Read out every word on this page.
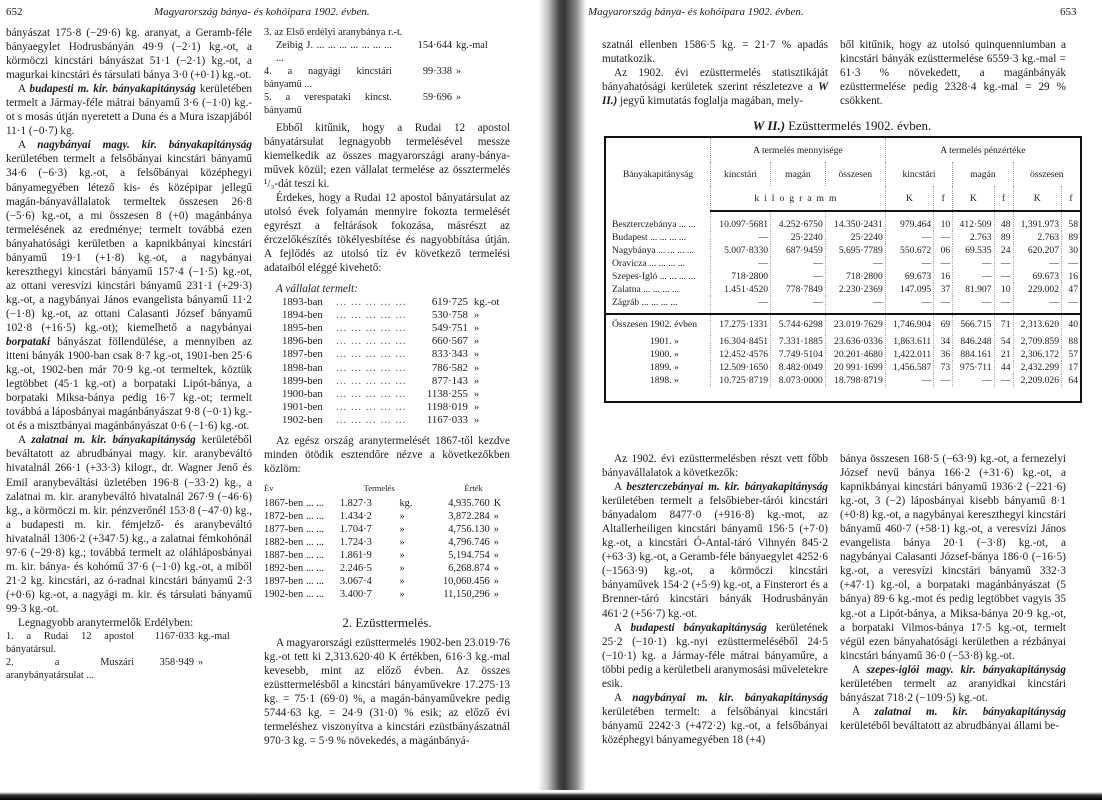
652	Magyarország bánya- és kohóipara 1902. évben.

bányászat 175·8 (−29·6) kg. aranyat, a Geramb-féle bányaegylet Hodrusbányán 49·9 (−2·1) kg.-ot, a körmöczi kincstári bányászat 51·1 (−2·1) kg.-ot, a magurkai kincstári és társulati bánya 3·0 (+0·1) kg.-ot.

A budapesti m. kir. bányakapitányság kerületében termelt a Jármay-féle mátrai bányamű 3·6 (−1·0) kg.-ot s mosás útján nyeretett a Duna és a Mura iszapjából 11·1 (−0·7) kg.

A nagybányai magy. kir. bányakapitányság kerületében termelt a felsőbányai kincstári bányamű 34·6 (−6·3) kg.-ot, a felsőbányai középhegyi bányamegyében létező kis- és középipar jellegű magán-bányavállalatok termeltek összesen 26·8 (−5·6) kg.-ot, a mi összesen 8 (+0) magánbánya termelésének az eredménye; termelt továbbá ezen bányahatósági kerületben a kapnikbányai kincstári bányamű 19·1 (+1·8) kg.-ot, a nagybányai kereszthegyi kincstári bányamű 157·4 (−1·5) kg.-ot, az ottani veresvízi kincstári bányamű 231·1 (+29·3) kg.-ot, a nagybányai János evangelista bányamű 11·2 (−1·8) kg.-ot, az ottani Calasanti József bányamű 102·8 (+16·5) kg.-ot); kiemelhető a nagybányai borpataki bányászat föllendülése, a mennyiben az itteni bányák 1900-ban csak 8·7 kg.-ot, 1901-ben 25·6 kg.-ot, 1902-ben már 70·9 kg.-ot termeltek, köztük legtöbbet (45·1 kg.-ot) a borpataki Lipót-bánya, a borpataki Miksa-bánya pedig 16·7 kg.-ot; termelt továbbá a láposbányai magánbányászat 9·8 (−0·1) kg.-ot és a misztbányai magánbányászat 0·6 (−1·6) kg.-ot.

A zalatnai m. kir. bányakapitányság kerületéből beváltatott az abrudbányai magy. kir. aranybeváltó hivatalnál 266·1 (+33·3) kilogr., dr. Wagner Jenő és Emil aranybeváltási üzletében 196·8 (−33·2) kg., a zalatnai m. kir. aranybeváltó hivatalnál 267·9 (−46·6) kg., a körmöczi m. kir. pénzverőnél 153·8 (−47·0) kg., a budapesti m. kir. fémjelző- és aranybeváltó hivatalnál 1306·2 (+347·5) kg., a zalatnai fémkohónál 97·6 (−29·8) kg.; továbbá termelt az oláhláposbányai m. kir. bánya- és kohómű 37·6 (−1·0) kg.-ot, a miből 21·2 kg. kincstári, az ó-radnai kincstári bányamű 2·3 (+0·6) kg.-ot, a nagyági m. kir. és társulati bányamű 99·3 kg.-ot.

Legnagyobb aranytermelők Erdélyben:

1. a Rudai 12 apostol bányatársul.
1167·033 kg.-mal
2. a Muszári aranybányatársulat ...
358·949 »
3. az Első erdélyi aranybánya r.-t.
Zeibig J. ... ... ... ... ... ... ... ...
154·644 kg.-mal
4. a nagyági kincstári bányamű ...
99·338 »
5. a verespataki kincst. bányamű
59·696 »

Ebből kitűnik, hogy a Rudai 12 apostol bányatársulat legnagyobb termelésével messze kiemelkedik az összes magyarországi arany-bánya-művek közül; ezen vállalat termelése az össztermelés ¹/₃-dát teszi ki.

Érdekes, hogy a Rudai 12 apostol bányatársulat az utolsó évek folyamán mennyire fokozta termelését egyrészt a feltárások fokozása, másrészt az érczelőkészítés tökélyesbítése és nagyobbítása útján. A fejlődés az utolsó tíz év következő termelési adataiból eléggé kivehető:

A vállalat termelt:

1893-ban	... ... ... ... ...	619·725 kg.-ot
1894-ben	... ... ... ... ...	530·758 »
1895-ben	... ... ... ... ...	549·751 »
1896-ben	... ... ... ... ...	660·567 »
1897-ben	... ... ... ... ...	833·343 »
1898-ban	... ... ... ... ...	786·582 »
1899-ben	... ... ... ... ...	877·143 »
1900-ban	... ... ... ... ...	1138·255 »
1901-ben	... ... ... ... ...	1198·019 »
1902-ben	... ... ... ... ...	1167·033 »

Az egész ország aranytermelését 1867-től kezdve minden ötödik esztendőre nézve a következőkben közlöm:

Év	Termelés	Érték
1867-ben ... ...	1.827·3	kg.	4,935.760 K
1872-ben ... ...	1.434·2	»	3,872.284 »
1877-ben ... ...	1.704·7	»	4,756.130 »
1882-ben ... ...	1.724·3	»	4,796.746 »
1887-ben ... ...	1.861·9	»	5,194.754 »
1892-ben ... ...	2.246·5	»	6,268.874 »
1897-ben ... ...	3.067·4	»	10,060.456 »
1902-ben ... ...	3.400·7	»	11,150,296 »
2. Ezüsttermelés.

A magyarországi ezüsttermelés 1902-ben 23.019·76 kg.-ot tett ki 2,313.620·40 K értékben, 616·3 kg.-mal kevesebb, mint az előző évben. Az összes ezüsttermelésből a kincstári bányaművekre 17.275·13 kg. = 75·1 (69·0) %, a magán-bányaművekre pedig 5744·63 kg. = 24·9 (31·0) % esik; az előző évi termeléshez viszonyítva a kincstári ezüstbányászatnál 970·3 kg. = 5·9 % növekedés, a magánbányá-

Magyarország bánya- és kohóipara 1902. évben.	653

szatnál ellenben 1586·5 kg. = 21·7 % apadás mutatkozik.

Az 1902. évi ezüsttermelés statisztikáját bányahatósági kerületek szerint részletezve a W II.) jegyű kimutatás foglalja magában, mely-

ből kitűnik, hogy az utolsó quinquenniumban a kincstári bányák ezüsttermelése 6559·3 kg.-mal = 61·3 % növekedett, a magánbányák ezüsttermelése pedig 2328·4 kg.-mal = 29 % csökkent.

W II.) Ezüsttermelés 1902. évben.
Bányakapitányság	A termelés mennyisége			A termelés pénzértéke					
	kincstári	magán	összesen	kincstári		magán		összesen	
	kilogramm			K	f	K	f	K	f
Beszterczebánya ... ...	10.097·5681	4.252·6750	14.350·2431	979.464	10	412·509	48	1,391.973	58
Budapest ... ... ... ...	—	25·2240	25·2240	—	—	2.763	89	2.763	89
Nagybánya ... ... ... ...	5.007·8330	687·9459	5.695·7789	550.672	06	69.535	24	620.207	30
Oravicza ... ... ... ...	—	—	—	—	—	—	—	—	—
Szepes-Igló ... ... ... ...	718·2800	—	718·2800	69.673	16	—	—	69.673	16
Zalatna ... ... ... ...	1.451·4520	778·7849	2.230·2369	147.095	37	81.907	10	229.002	47
Zágráb ... ... ... ...	—	—	—	—	—	—	—	—	—
Összesen 1902. évben	17.275·1331	5.744·6298	23.019·7629	1,746.904	69	566.715	71	2,313.620	40
1901. »	16.304·8451	7.331·1885	23.636·0336	1,863.611	34	846.248	54	2,709.859	88
1900. »	12.452·4576	7.749·5104	20.201·4680	1,422.011	36	884.161	21	2,306.172	57
1899. »	12.509·1650	8.482·0049	20 991·1699	1,456.587	73	975·711	44	2,432.299	17
1898. »	10.725·8719	8.073·0000	18.798·8719	—	—	—	—	2,209.026	64

Az 1902. évi ezüsttermelésben részt vett főbb bányavállalatok a következők:

A beszterczebányai m. kir. bányakapitányság kerületében termelt a felsőbieber-tárói kincstári bányadalom 8477·0 (+916·8) kg.-mot, az Altallerheiligen kincstári bányamű 156·5 (+7·0) kg.-ot, a kincstári Ó-Antal-táró Vihnyén 845·2 (+63·3) kg.-ot, a Geramb-féle bányaegylet 4252·6 (−1563·9) kg.-ot, a körmöczi kincstári bányaművek 154·2 (+5·9) kg.-ot, a Finsterort és a Brenner-táró kincstári bányák Hodrusbányán 461·2 (+56·7) kg.-ot.

A budapesti bányakapitányság kerületének 25·2 (−10·1) kg.-nyi ezüsttermeléséből 24·5 (−10·1) kg. a Jármay-féle mátrai bányaműre, a többi pedig a kerületbeli aranymosási műveletekre esik.

A nagybányai m. kir. bányakapitányság kerületében termelt: a felsőbányai kincstári bányamű 2242·3 (+472·2) kg.-ot, a felsőbányai középhegyi bányamegyében 18 (+4)

bánya összesen 168·5 (−63·9) kg.-ot, a fernezelyi József nevű bánya 166·2 (+31·6) kg.-ot, a kapnikbányai kincstári bányamű 1936·2 (−221·6) kg.-ot, 3 (−2) láposbányai kisebb bányamű 8·1 (+0·8) kg.-ot, a nagybányai kereszthegyi kincstári bányamű 460·7 (+58·1) kg.-ot, a veresvízi János evangelista bánya 20·1 (−3·8) kg.-ot, a nagybányai Calasanti József-bánya 186·0 (−16·5) kg.-ot, a veresvízi kincstári bányamű 332·3 (+47·1) kg.-ol, a borpataki magánbányászat (5 bánya) 89·6 kg.-mot és pedig legtöbbet vagyis 35 kg.-ot a Lipót-bánya, a Miksa-bánya 20·9 kg.-ot, a borpataki Vilmos-bánya 17·5 kg.-ot, termelt végül ezen bányahatósági kerületben a rézbányai kincstári bányamű 36·0 (−53·8) kg.-ot.

A szepes-iglói magy. kir. bányakapitányság kerületében termelt az aranyidkai kincstári bányászat 718·2 (−109·5) kg.-ot.

A zalatnai m. kir. bányakapitányság kerületéből beváltatott az abrudbányai állami be-
